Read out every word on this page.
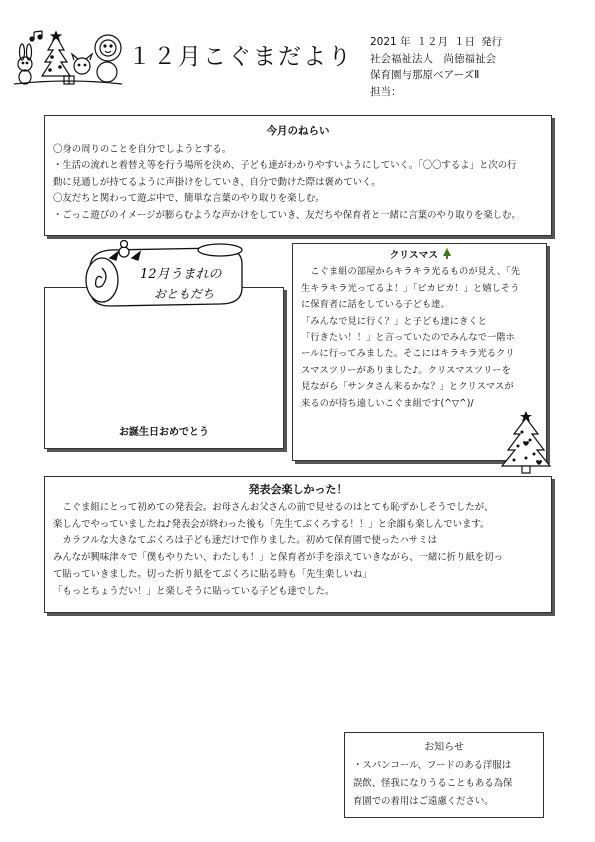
１２月こぐまだより
2021 年 １２月 １日 発行
社会福祉法人　尚徳福祉会
保育園与那原ベアーズⅡ
担当：
今月のねらい

〇身の周りのことを自分でしようとする。

・生活の流れと着替え等を行う場所を決め、子ども達がわかりやすいようにしていく。「〇〇するよ」と次の行

動に見通しが持てるように声掛けをしていき、自分で動けた際は褒めていく。

〇友だちと関わって遊ぶ中で、簡単な言葉のやり取りを楽しむ。

・ごっこ遊びのイメージが膨らむような声かけをしていき、友だちや保育者と一緒に言葉のやり取りを楽しむ。

12月うまれの
おともだち
お誕生日おめでとう
クリスマス

　こぐま組の部屋からキラキラ光るものが見え、「先

生キラキラ光ってるよ！」「ピカピカ！」と嬉しそう

に保育者に話をしている子ども達。

「みんなで見に行く？」と子ども達にきくと

「行きたい！！」と言っていたのでみんなで一階ホ

ールに行ってみました。そこにはキラキラ光るクリ

スマスツリーがありました♪。クリスマスツリーを

見ながら「サンタさん来るかな？」とクリスマスが

来るのが待ち遠しいこぐま組です(^▽^)/

発表会楽しかった！

　こぐま組にとって初めての発表会。お母さんお父さんの前で見せるのはとても恥ずかしそうでしたが、

楽しんでやっていましたね♪発表会が終わった後も「先生てぶくろする！！」と余韻も楽しんでいます。

　カラフルな大きなてぶくろは子ども達だけで作りました。初めて保育園で使ったハサミは

みんなが興味津々で「僕もやりたい、わたしも！」と保育者が手を添えていきながら、一緒に折り紙を切っ

て貼っていきました。切った折り紙をてぶくろに貼る時も「先生楽しいね」

「もっとちょうだい！」と楽しそうに貼っている子ども達でした。

お知らせ

・スパンコール、フードのある洋服は

誤飲、怪我になりうることもある為保

育園での着用はご遠慮ください。
